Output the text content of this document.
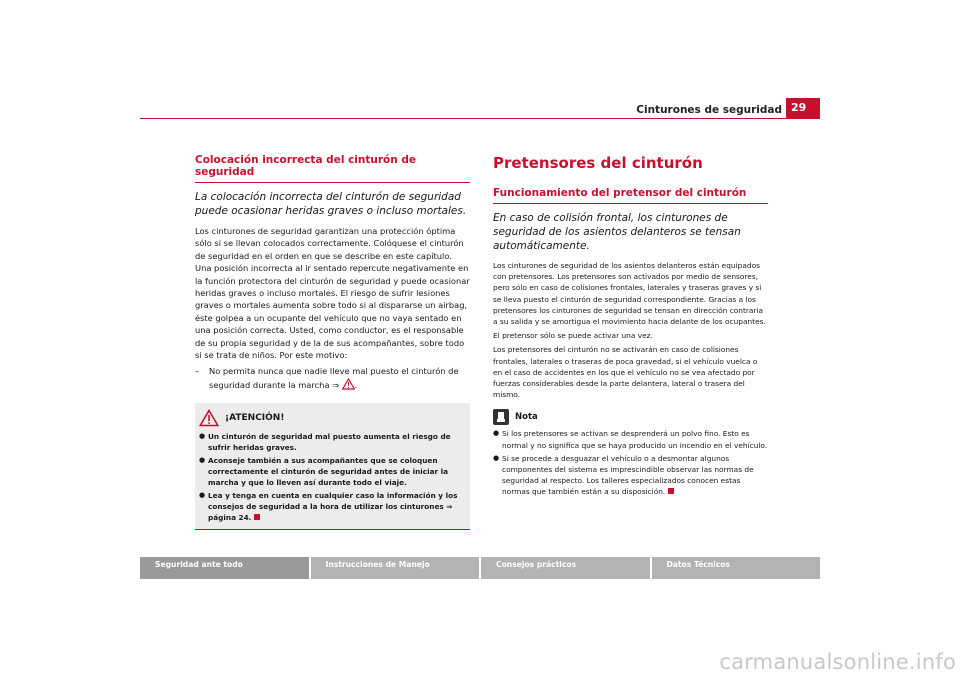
Cinturones de seguridad 29
Colocación incorrecta del cinturón de seguridad
La colocación incorrecta del cinturón de seguridad puede ocasionar heridas graves o incluso mortales.
Los cinturones de seguridad garantizan una protección óptima sólo si se llevan colocados correctamente. Colóquese el cinturón de seguridad en el orden en que se describe en este capítulo. Una posición incorrecta al ir sentado repercute negativamente en la función protectora del cinturón de seguridad y puede ocasionar heridas graves o incluso mortales. El riesgo de sufrir lesiones graves o mortales aumenta sobre todo si al dispararse un airbag, éste golpea a un ocupante del vehículo que no vaya sentado en una posición correcta. Usted, como conductor, es el responsable de su propia seguridad y de la de sus acompañantes, sobre todo si se trata de niños. Por este motivo:
–	No permita nunca que nadie lleve mal puesto el cinturón de seguridad durante la marcha ⇒ .
¡ATENCIÓN!
● Un cinturón de seguridad mal puesto aumenta el riesgo de sufrir heridas graves.
● Aconseje también a sus acompañantes que se coloquen correctamente el cinturón de seguridad antes de iniciar la marcha y que lo lleven así durante todo el viaje.
● Lea y tenga en cuenta en cualquier caso la información y los consejos de seguridad a la hora de utilizar los cinturones ⇒ página 24.
Pretensores del cinturón
Funcionamiento del pretensor del cinturón
En caso de colisión frontal, los cinturones de seguridad de los asientos delanteros se tensan automáticamente.
Los cinturones de seguridad de los asientos delanteros están equipados con pretensores. Los pretensores son activados por medio de sensores, pero sólo en caso de colisiones frontales, laterales y traseras graves y si se lleva puesto el cinturón de seguridad correspondiente. Gracias a los pretensores los cinturones de seguridad se tensan en dirección contraria a su salida y se amortigua el movimiento hacia delante de los ocupantes.
El pretensor sólo se puede activar una vez.
Los pretensores del cinturón no se activarán en caso de colisiones frontales, laterales o traseras de poca gravedad, si el vehículo vuelca o en el caso de accidentes en los que el vehículo no se vea afectado por fuerzas considerables desde la parte delantera, lateral o trasera del mismo.
Nota
● Si los pretensores se activan se desprenderá un polvo fino. Esto es normal y no significa que se haya producido un incendio en el vehículo.
● Si se procede a desguazar el vehículo o a desmontar algunos componentes del sistema es imprescindible observar las normas de seguridad al respecto. Los talleres especializados conocen estas normas que también están a su disposición.
Seguridad ante todo	Instrucciones de Manejo	Consejos prácticos	Datos Técnicos
carmanualsonline.info
